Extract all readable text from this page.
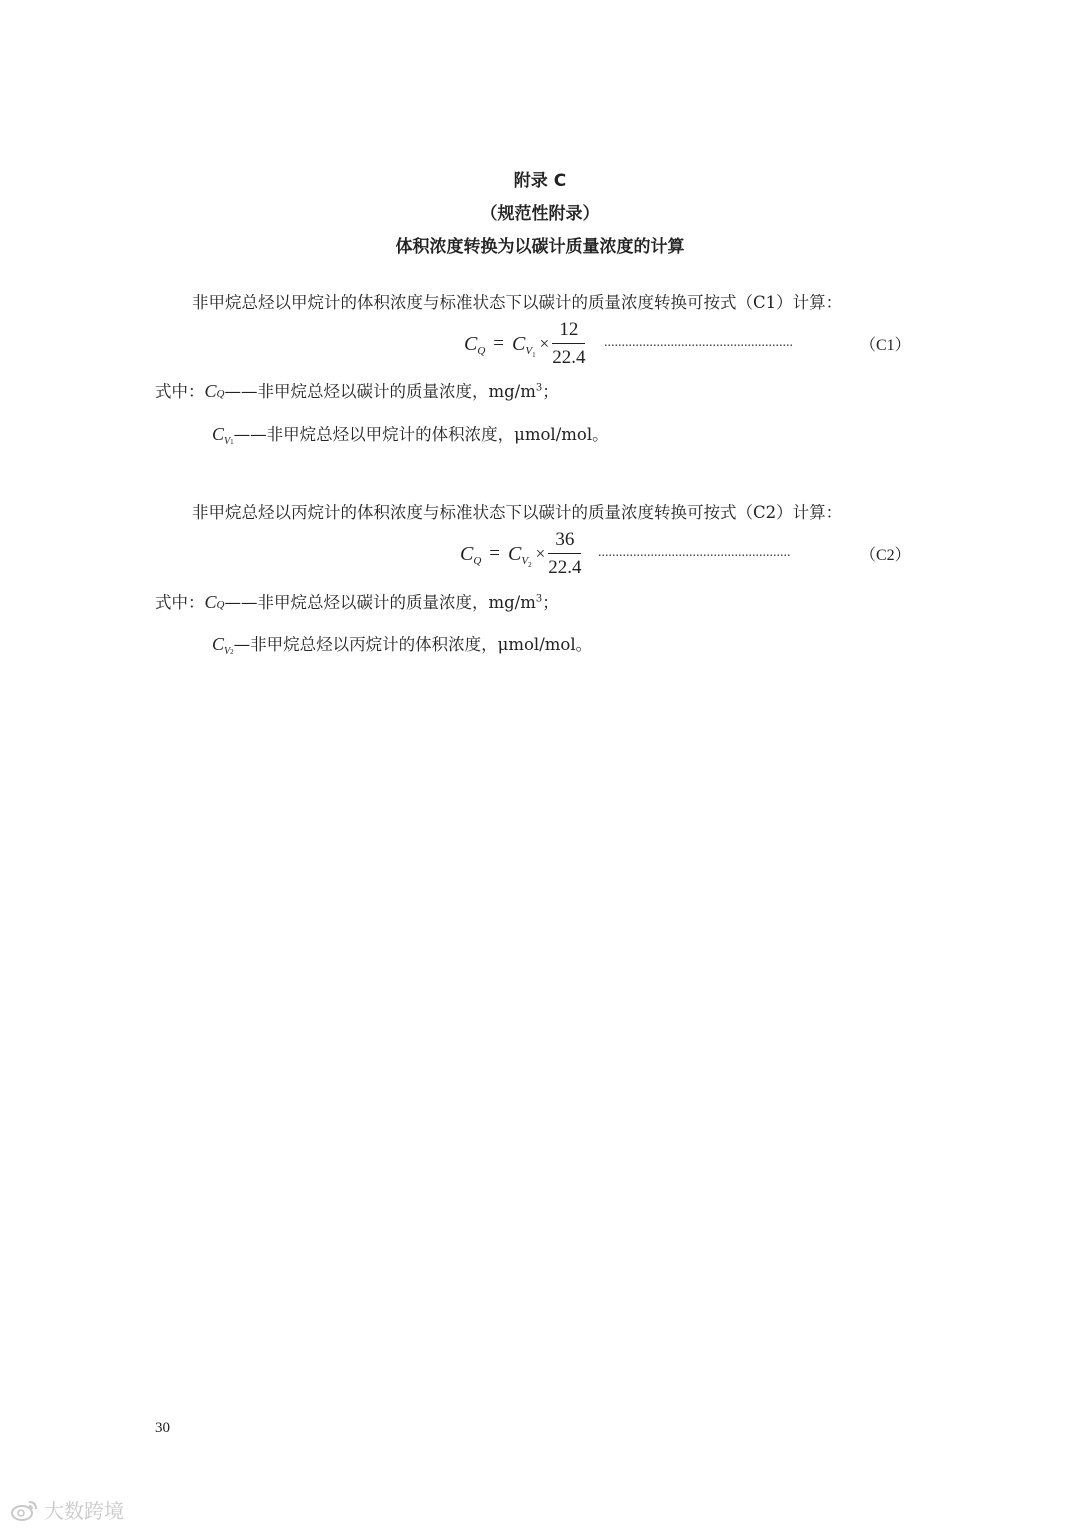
附录 C
（规范性附录）
体积浓度转换为以碳计质量浓度的计算
非甲烷总烃以甲烷计的体积浓度与标准状态下以碳计的质量浓度转换可按式（C1）计算：
$C_Q = C_{V_1}$
× $\frac{12}{22.4}$ ......................................................	（C1）
式中：CQ——非甲烷总烃以碳计的质量浓度，$mg/m^3$；
$C_{V1}——$非甲烷总烃以甲烷计的体积浓度，μmol/mol。
非甲烷总烃以丙烷计的体积浓度与标准状态下以碳计的质量浓度转换可按式（C2）计算：
$C_Q = C_{V_2}$
× $\frac{36}{22.4}$ .......................................................	（C2）
式中：CQ——非甲烷总烃以碳计的质量浓度，$mg/m^3$；
$C_{V2}—$非甲烷总烃以丙烷计的体积浓度，μmol/mol。
30
大数跨境
